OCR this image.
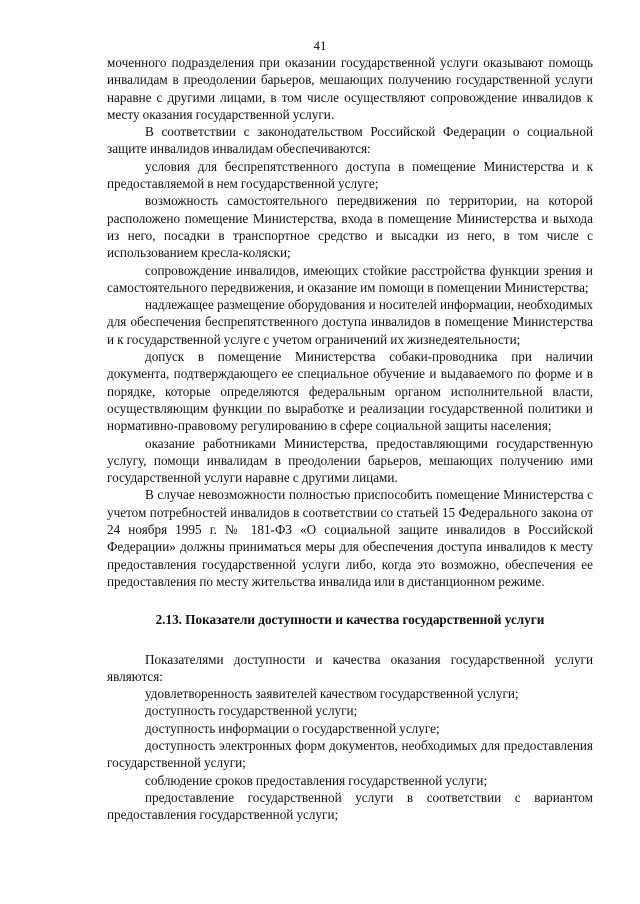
41

моченного подразделения при оказании государственной услуги оказывают помощь инвалидам в преодолении барьеров, мешающих получению государственной услуги наравне с другими лицами, в том числе осуществляют сопровождение инвалидов к месту оказания государственной услуги.

В соответствии с законодательством Российской Федерации о социальной защите инвалидов инвалидам обеспечиваются:

условия для беспрепятственного доступа в помещение Министерства и к предоставляемой в нем государственной услуге;

возможность самостоятельного передвижения по территории, на которой расположено помещение Министерства, входа в помещение Министерства и выхода из него, посадки в транспортное средство и высадки из него, в том числе с использованием кресла-коляски;

сопровождение инвалидов, имеющих стойкие расстройства функции зрения и самостоятельного передвижения, и оказание им помощи в помещении Министерства;

надлежащее размещение оборудования и носителей информации, необходимых для обеспечения беспрепятственного доступа инвалидов в помещение Министерства и к государственной услуге с учетом ограничений их жизнедеятельности;

допуск в помещение Министерства собаки-проводника при наличии документа, подтверждающего ее специальное обучение и выдаваемого по форме и в порядке, которые определяются федеральным органом исполнительной власти, осуществляющим функции по выработке и реализации государственной политики и нормативно-правовому регулированию в сфере социальной защиты населения;

оказание работниками Министерства, предоставляющими государственную услугу, помощи инвалидам в преодолении барьеров, мешающих получению ими государственной услуги наравне с другими лицами.

В случае невозможности полностью приспособить помещение Министерства с учетом потребностей инвалидов в соответствии со статьей 15 Федерального закона от 24 ноября 1995 г. № 181-ФЗ «О социальной защите инвалидов в Российской Федерации» должны приниматься меры для обеспечения доступа инвалидов к месту предоставления государственной услуги либо, когда это возможно, обеспечения ее предоставления по месту жительства инвалида или в дистанционном режиме.

2.13. Показатели доступности и качества государственной услуги

Показателями доступности и качества оказания государственной услуги являются:

удовлетворенность заявителей качеством государственной услуги;

доступность государственной услуги;

доступность информации о государственной услуге;

доступность электронных форм документов, необходимых для предоставления государственной услуги;

соблюдение сроков предоставления государственной услуги;

предоставление государственной услуги в соответствии с вариантом предоставления государственной услуги;
